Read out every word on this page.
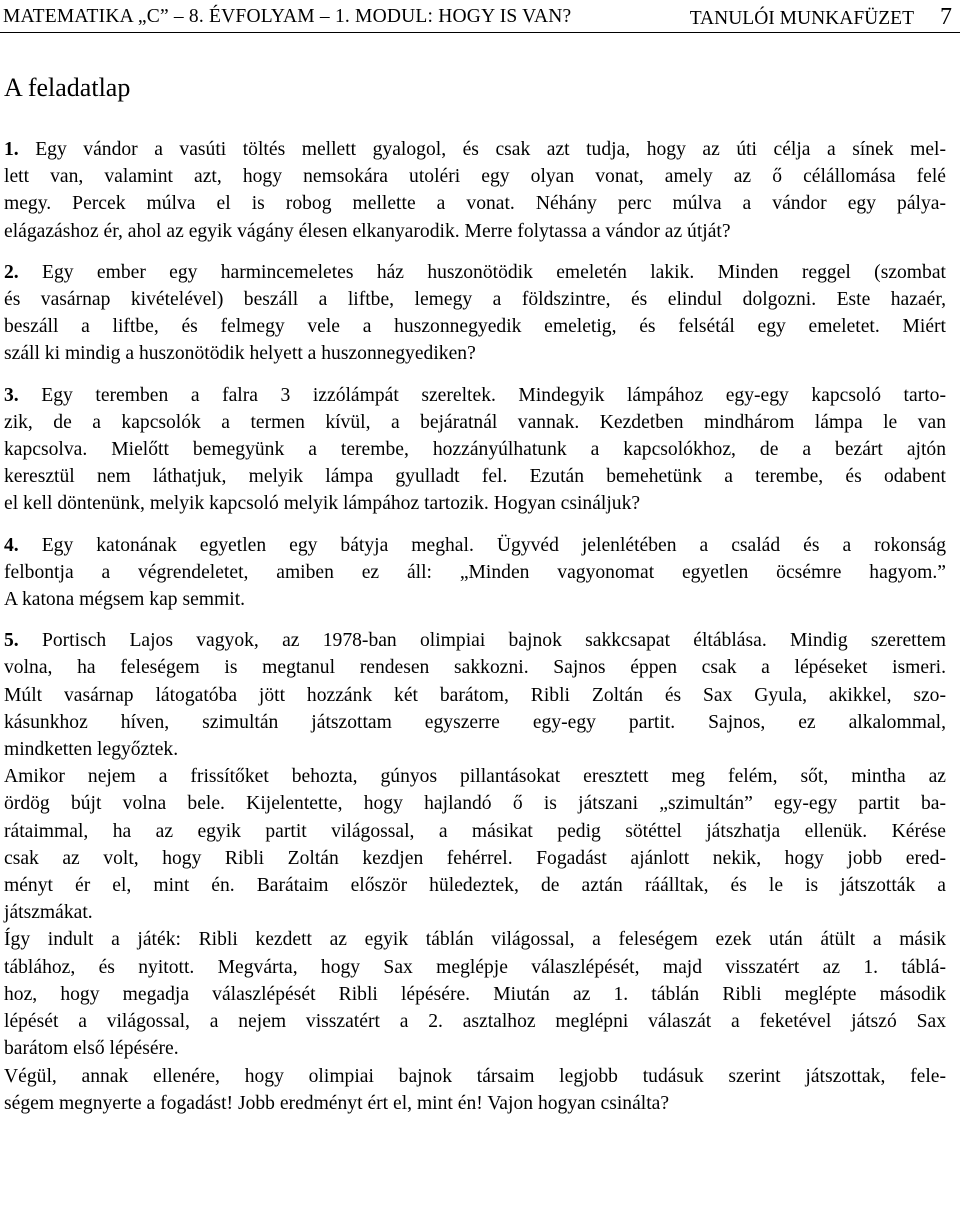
MATEMATIKA „C” – 8. ÉVFOLYAM – 1. MODUL: HOGY IS VAN?	TANULÓI MUNKAFÜZET 7
A feladatlap
1. Egy vándor a vasúti töltés mellett gyalogol, és csak azt tudja, hogy az úti célja a sínek mel-
lett van, valamint azt, hogy nemsokára utoléri egy olyan vonat, amely az ő célállomása felé
megy. Percek múlva el is robog mellette a vonat. Néhány perc múlva a vándor egy pálya-
elágazáshoz ér, ahol az egyik vágány élesen elkanyarodik. Merre folytassa a vándor az útját?
2. Egy ember egy harmincemeletes ház huszonötödik emeletén lakik. Minden reggel (szombat
és vasárnap kivételével) beszáll a liftbe, lemegy a földszintre, és elindul dolgozni. Este hazaér,
beszáll a liftbe, és felmegy vele a huszonnegyedik emeletig, és felsétál egy emeletet. Miért
száll ki mindig a huszonötödik helyett a huszonnegyediken?
3. Egy teremben a falra 3 izzólámpát szereltek. Mindegyik lámpához egy-egy kapcsoló tarto-
zik, de a kapcsolók a termen kívül, a bejáratnál vannak. Kezdetben mindhárom lámpa le van
kapcsolva. Mielőtt bemegyünk a terembe, hozzányúlhatunk a kapcsolókhoz, de a bezárt ajtón
keresztül nem láthatjuk, melyik lámpa gyulladt fel. Ezután bemehetünk a terembe, és odabent
el kell döntenünk, melyik kapcsoló melyik lámpához tartozik. Hogyan csináljuk?
4. Egy katonának egyetlen egy bátyja meghal. Ügyvéd jelenlétében a család és a rokonság
felbontja a végrendeletet, amiben ez áll: „Minden vagyonomat egyetlen öcsémre hagyom.”
A katona mégsem kap semmit.
5. Portisch Lajos vagyok, az 1978-ban olimpiai bajnok sakkcsapat éltáblása. Mindig szerettem
volna, ha feleségem is megtanul rendesen sakkozni. Sajnos éppen csak a lépéseket ismeri.
Múlt vasárnap látogatóba jött hozzánk két barátom, Ribli Zoltán és Sax Gyula, akikkel, szo-
kásunkhoz híven, szimultán játszottam egyszerre egy-egy partit. Sajnos, ez alkalommal,
mindketten legyőztek.
Amikor nejem a frissítőket behozta, gúnyos pillantásokat eresztett meg felém, sőt, mintha az
ördög bújt volna bele. Kijelentette, hogy hajlandó ő is játszani „szimultán” egy-egy partit ba-
rátaimmal, ha az egyik partit világossal, a másikat pedig sötéttel játszhatja ellenük. Kérése
csak az volt, hogy Ribli Zoltán kezdjen fehérrel. Fogadást ajánlott nekik, hogy jobb ered-
ményt ér el, mint én. Barátaim először hüledeztek, de aztán ráálltak, és le is játszották a
játszmákat.
Így indult a játék: Ribli kezdett az egyik táblán világossal, a feleségem ezek után átült a másik
táblához, és nyitott. Megvárta, hogy Sax meglépje válaszlépését, majd visszatért az 1. táblá-
hoz, hogy megadja válaszlépését Ribli lépésére. Miután az 1. táblán Ribli meglépte második
lépését a világossal, a nejem visszatért a 2. asztalhoz meglépni válaszát a feketével játszó Sax
barátom első lépésére.
Végül, annak ellenére, hogy olimpiai bajnok társaim legjobb tudásuk szerint játszottak, fele-
ségem megnyerte a fogadást! Jobb eredményt ért el, mint én! Vajon hogyan csinálta?
